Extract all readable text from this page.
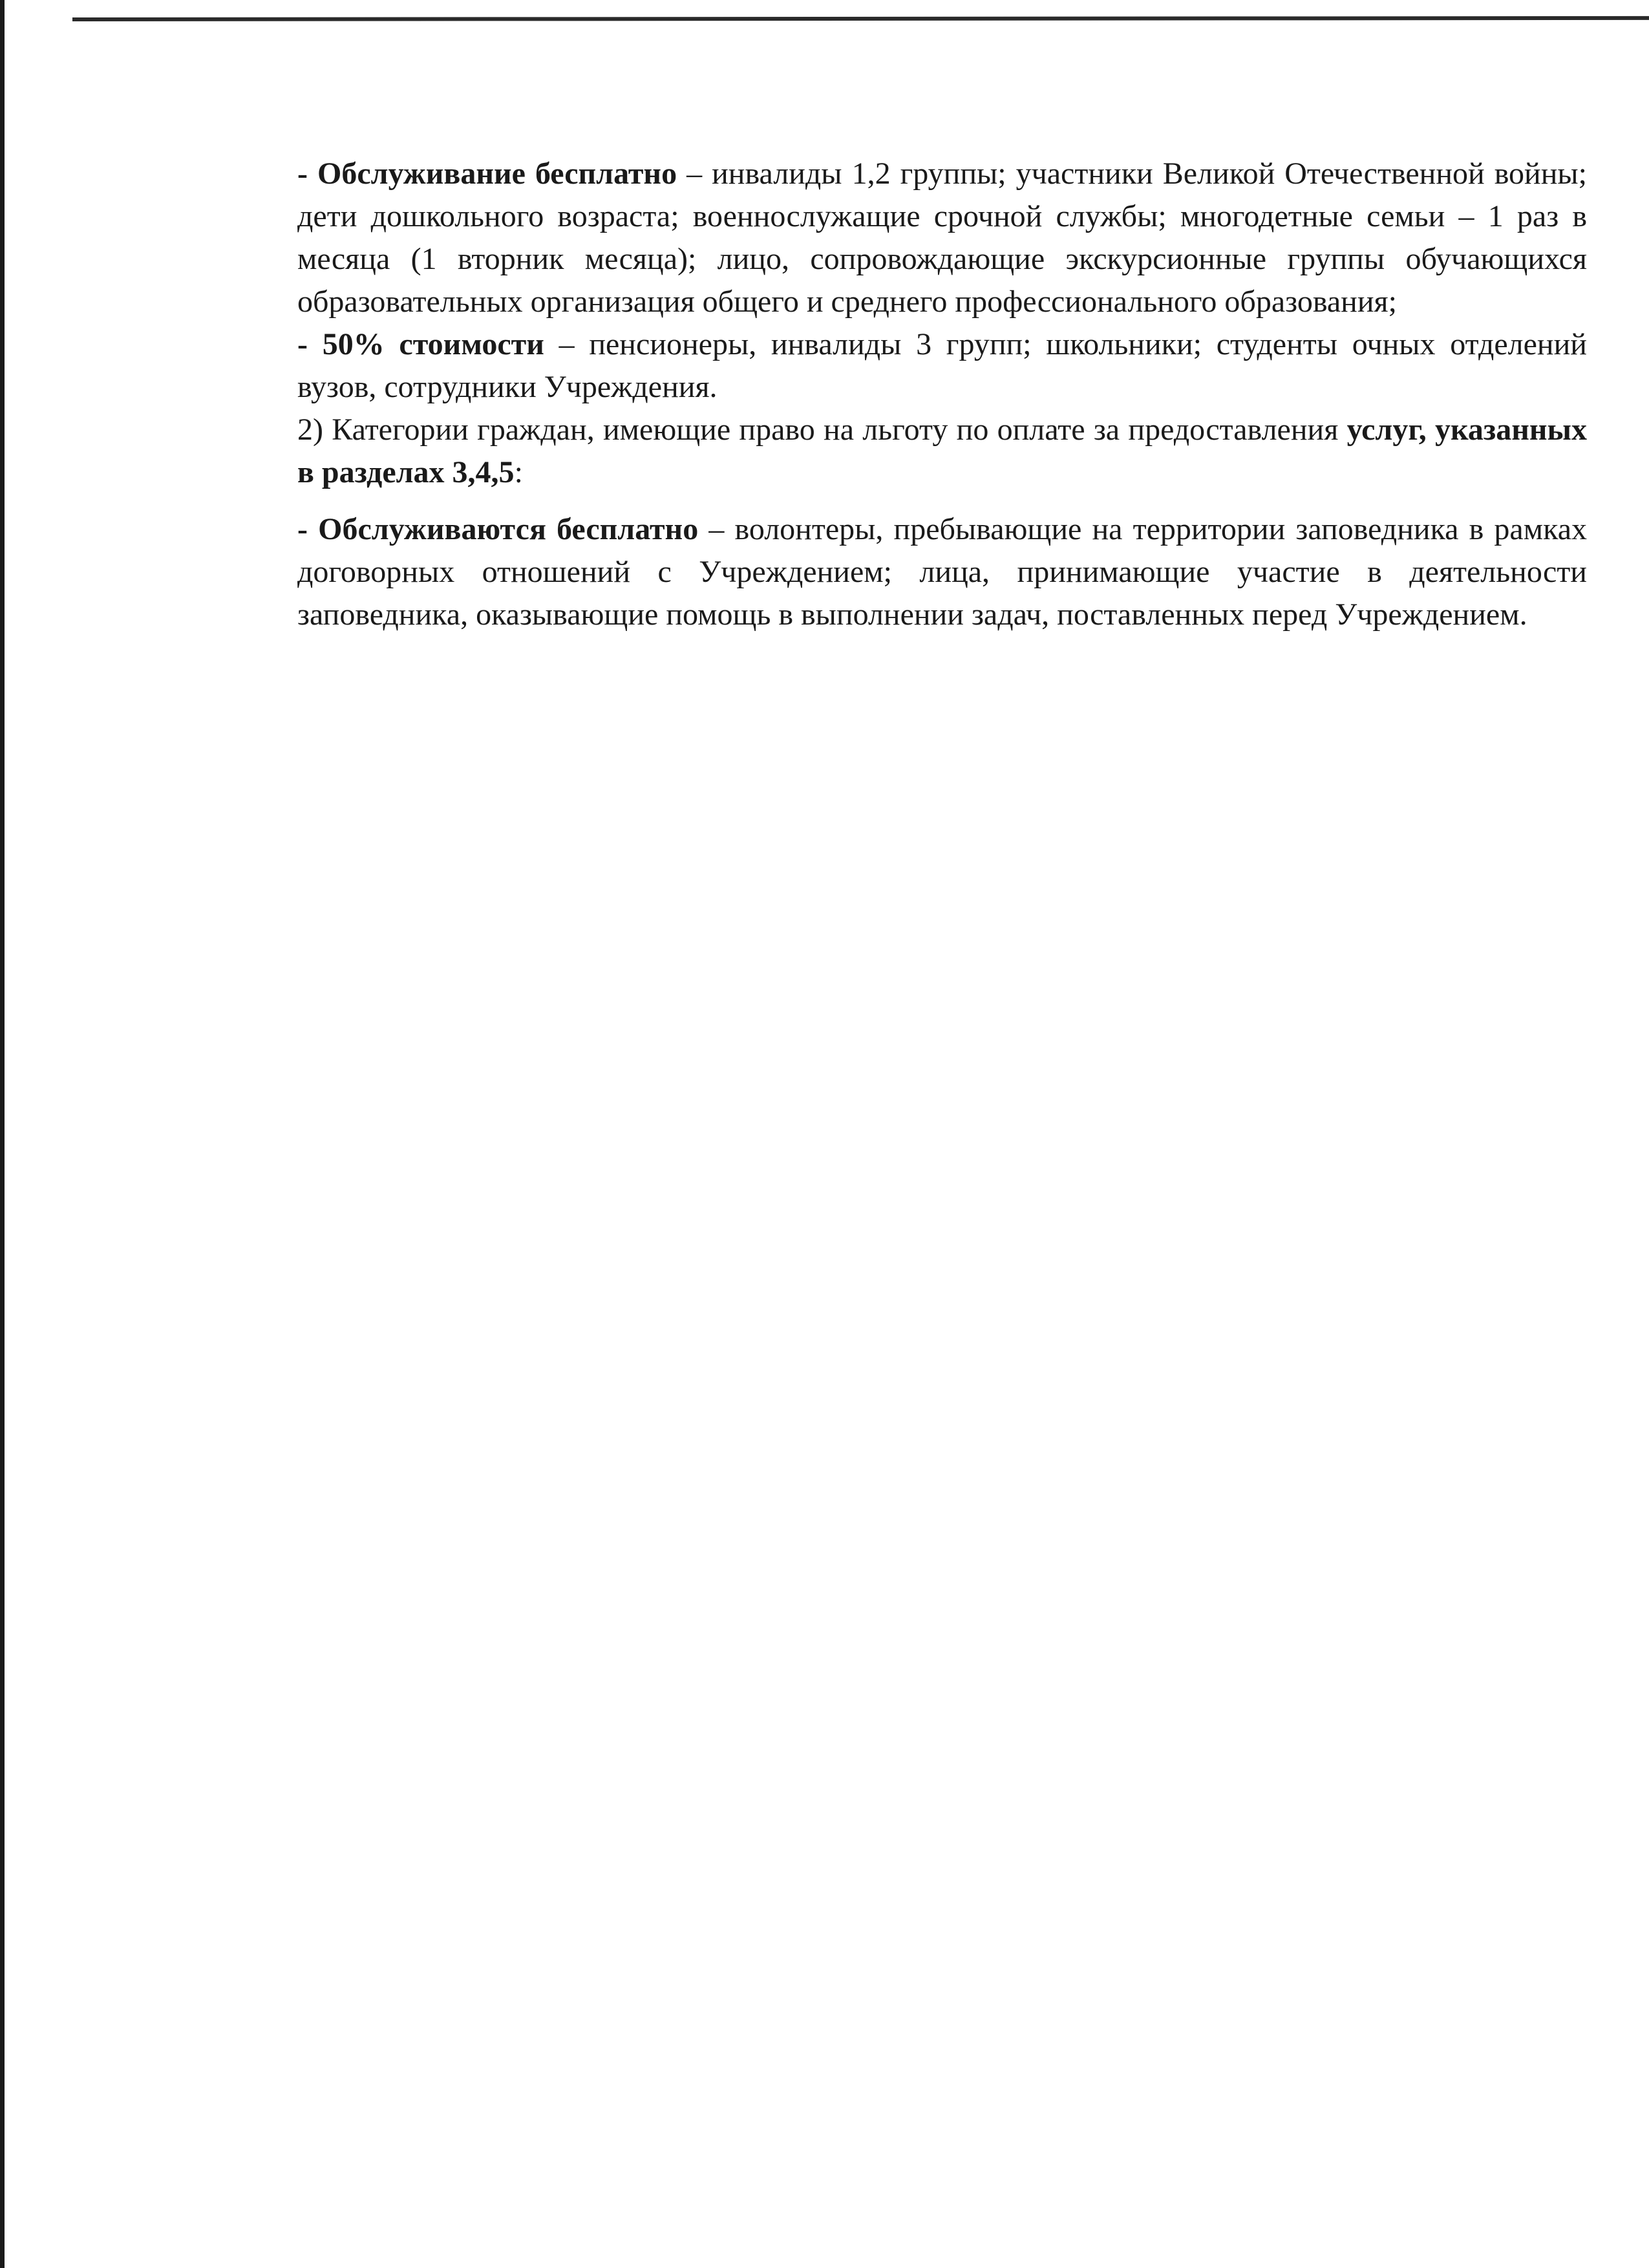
- Обслуживание бесплатно – инвалиды 1,2 группы; участники Великой Отечественной войны; дети дошкольного возраста; военнослужащие срочной службы; многодетные семьи – 1 раз в месяца (1 вторник месяца); лицо, сопровождающие экскурсионные группы обучающихся образовательных организация общего и среднего профессионального образования;

- 50% стоимости – пенсионеры, инвалиды 3 групп; школьники; студенты очных отделений вузов, сотрудники Учреждения.

2) Категории граждан, имеющие право на льготу по оплате за предоставления услуг, указанных в разделах 3,4,5:

- Обслуживаются бесплатно – волонтеры, пребывающие на территории заповедника в рамках договорных отношений с Учреждением; лица, принимающие участие в деятельности заповедника, оказывающие помощь в выполнении задач, поставленных перед Учреждением.
